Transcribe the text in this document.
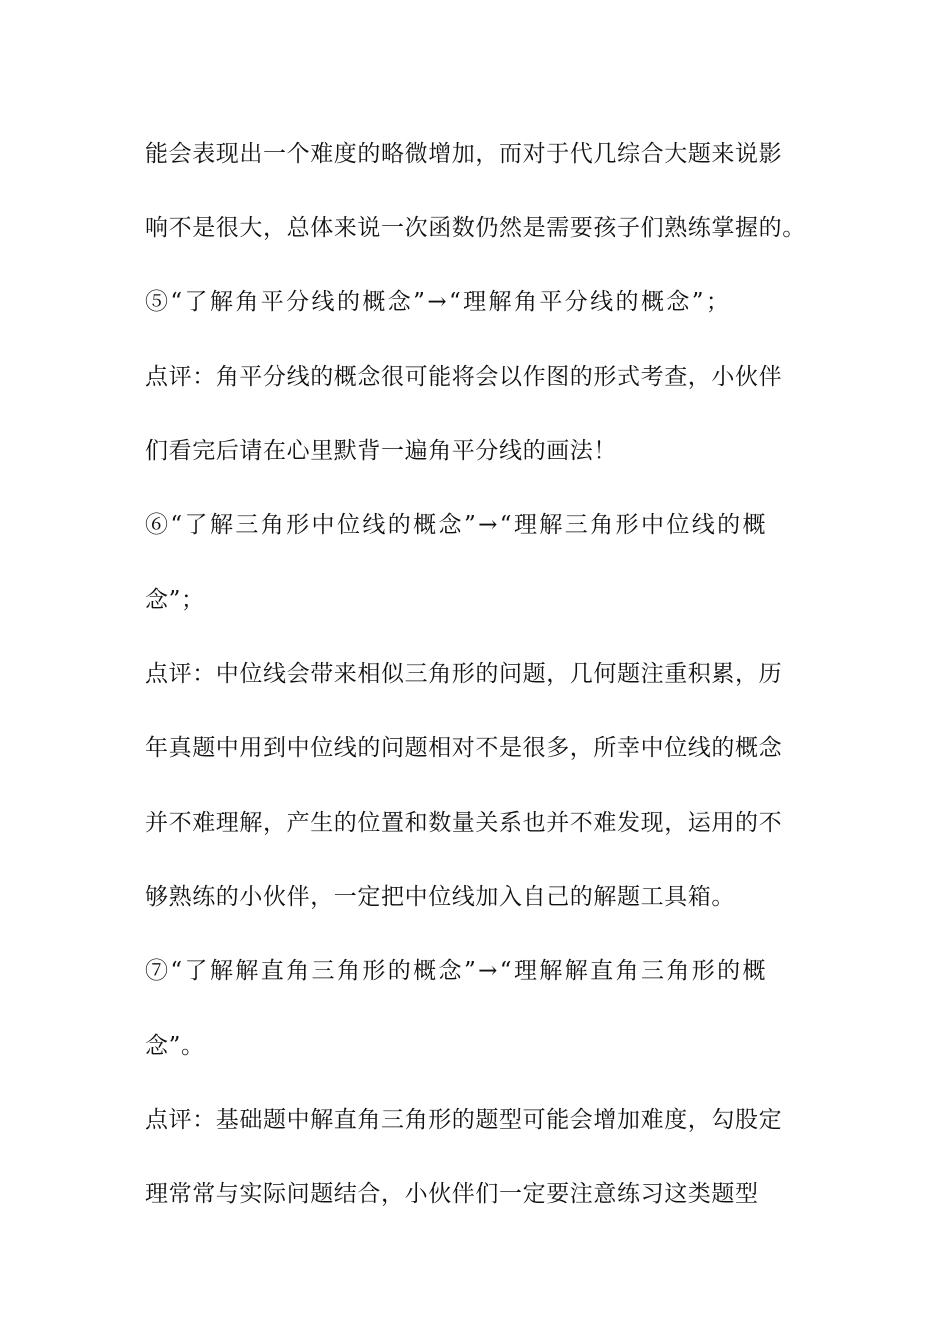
能会表现出一个难度的略微增加，而对于代几综合大题来说影
响不是很大，总体来说一次函数仍然是需要孩子们熟练掌握的。
⑤“了解角平分线的概念”→“理解角平分线的概念”；
点评：角平分线的概念很可能将会以作图的形式考查，小伙伴
们看完后请在心里默背一遍角平分线的画法！
⑥“了解三角形中位线的概念”→“理解三角形中位线的概
念”；
点评：中位线会带来相似三角形的问题，几何题注重积累，历
年真题中用到中位线的问题相对不是很多，所幸中位线的概念
并不难理解，产生的位置和数量关系也并不难发现，运用的不
够熟练的小伙伴，一定把中位线加入自己的解题工具箱。
⑦“了解解直角三角形的概念”→“理解解直角三角形的概
念”。
点评：基础题中解直角三角形的题型可能会增加难度，勾股定
理常常与实际问题结合，小伙伴们一定要注意练习这类题型
